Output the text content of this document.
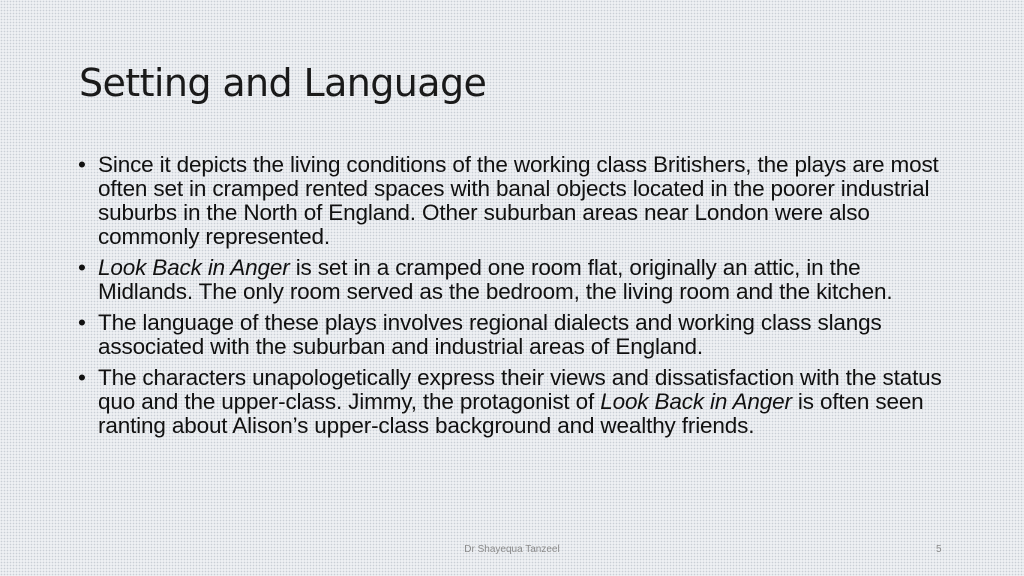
Setting and Language
• Since it depicts the living conditions of the working class Britishers, the plays are most often set in cramped rented spaces with banal objects located in the poorer industrial suburbs in the North of England. Other suburban areas near London were also commonly represented.
• Look Back in Anger is set in a cramped one room flat, originally an attic, in the Midlands. The only room served as the bedroom, the living room and the kitchen.
• The language of these plays involves regional dialects and working class slangs associated with the suburban and industrial areas of England.
• The characters unapologetically express their views and dissatisfaction with the status quo and the upper-class. Jimmy, the protagonist of Look Back in Anger is often seen ranting about Alison’s upper-class background and wealthy friends.
Dr Shayequa Tanzeel	5
